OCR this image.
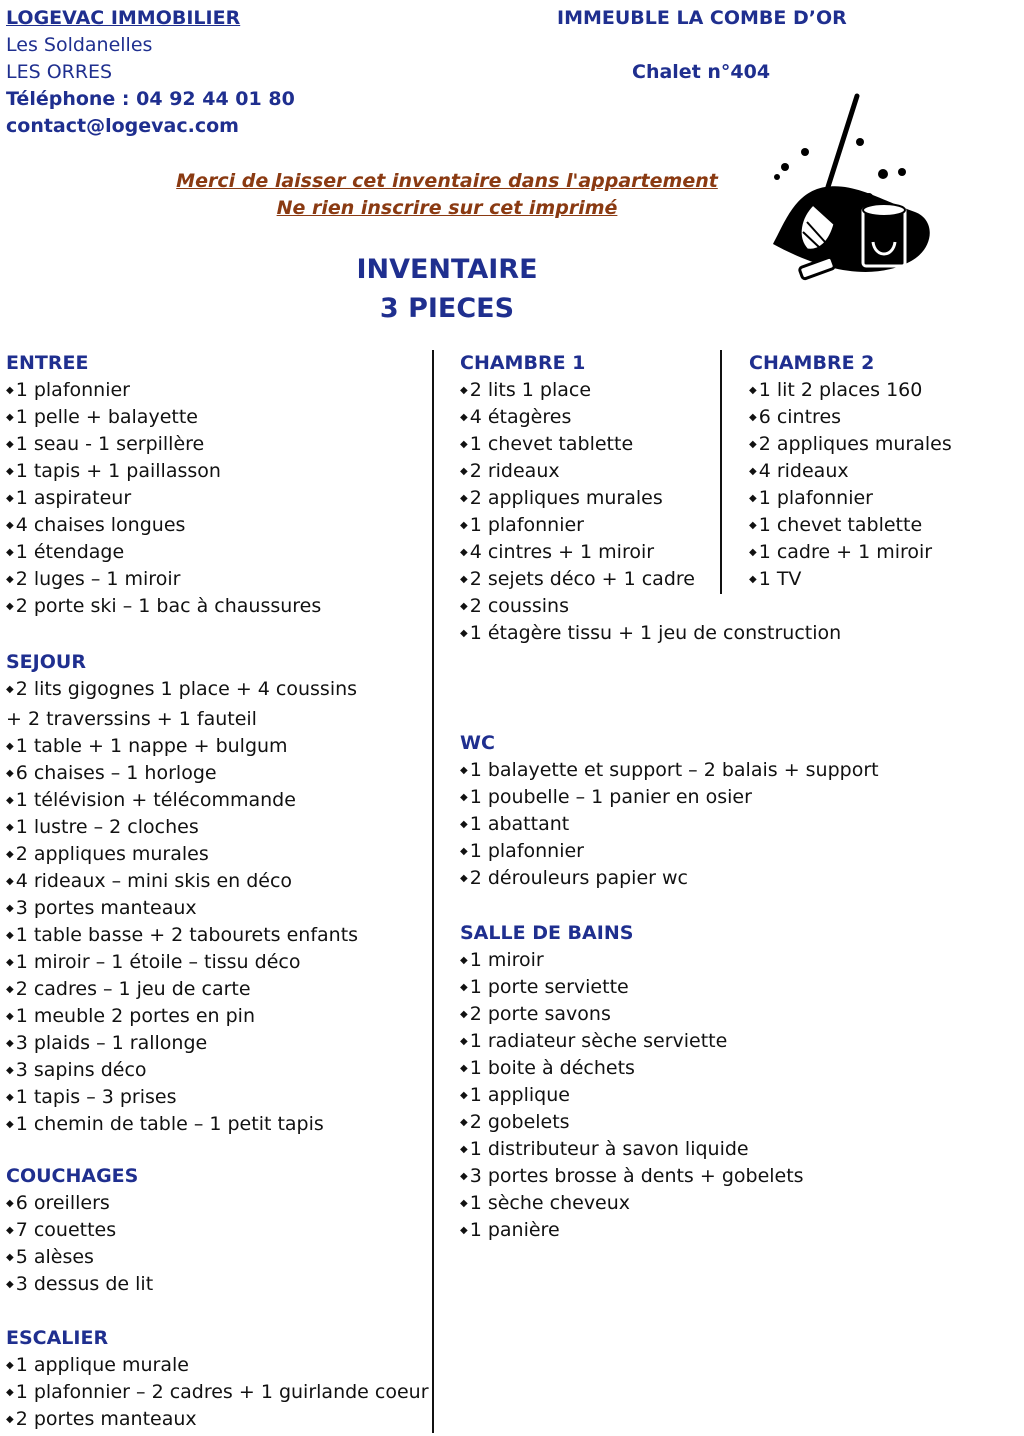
LOGEVAC IMMOBILIER
Les Soldanelles
LES ORRES
Téléphone : 04 92 44 01 80
contact@logevac.com
IMMEUBLE LA COMBE D’OR
Chalet n°404
Merci de laisser cet inventaire dans l'appartement
Ne rien inscrire sur cet imprimé
INVENTAIRE
3 PIECES
ENTREE
◆ 1 plafonnier
◆ 1 pelle + balayette
◆ 1 seau - 1 serpillère
◆ 1 tapis + 1 paillasson
◆ 1 aspirateur
◆ 4 chaises longues
◆ 1 étendage
◆ 2 luges – 1 miroir
◆ 2 porte ski – 1 bac à chaussures
SEJOUR
◆ 2 lits gigognes 1 place + 4 coussins + 2 traverssins + 1 fauteil
◆ 1 table + 1 nappe + bulgum
◆ 6 chaises – 1 horloge
◆ 1 télévision + télécommande
◆ 1 lustre – 2 cloches
◆ 2 appliques murales
◆ 4 rideaux – mini skis en déco
◆ 3 portes manteaux
◆ 1 table basse + 2 tabourets enfants
◆ 1 miroir – 1 étoile – tissu déco
◆ 2 cadres – 1 jeu de carte
◆ 1 meuble 2 portes en pin
◆ 3 plaids – 1 rallonge
◆ 3 sapins déco
◆ 1 tapis – 3 prises
◆ 1 chemin de table – 1 petit tapis
COUCHAGES
◆ 6 oreillers
◆ 7 couettes
◆ 5 alèses
◆ 3 dessus de lit
ESCALIER
◆ 1 applique murale
◆ 1 plafonnier – 2 cadres + 1 guirlande coeur
◆ 2 portes manteaux
CHAMBRE 1
◆ 2 lits 1 place
◆ 4 étagères
◆ 1 chevet tablette
◆ 2 rideaux
◆ 2 appliques murales
◆ 1 plafonnier
◆ 4 cintres + 1 miroir
◆ 2 sejets déco + 1 cadre
◆ 2 coussins
◆ 1 étagère tissu + 1 jeu de construction
CHAMBRE 2
◆ 1 lit 2 places 160
◆ 6 cintres
◆ 2 appliques murales
◆ 4 rideaux
◆ 1 plafonnier
◆ 1 chevet tablette
◆ 1 cadre + 1 miroir
◆ 1 TV
WC
◆ 1 balayette et support – 2 balais + support
◆ 1 poubelle – 1 panier en osier
◆ 1 abattant
◆ 1 plafonnier
◆ 2 dérouleurs papier wc
SALLE DE BAINS
◆ 1 miroir
◆ 1 porte serviette
◆ 2 porte savons
◆ 1 radiateur sèche serviette
◆ 1 boite à déchets
◆ 1 applique
◆ 2 gobelets
◆ 1 distributeur à savon liquide
◆ 3 portes brosse à dents + gobelets
◆ 1 sèche cheveux
◆ 1 panière
